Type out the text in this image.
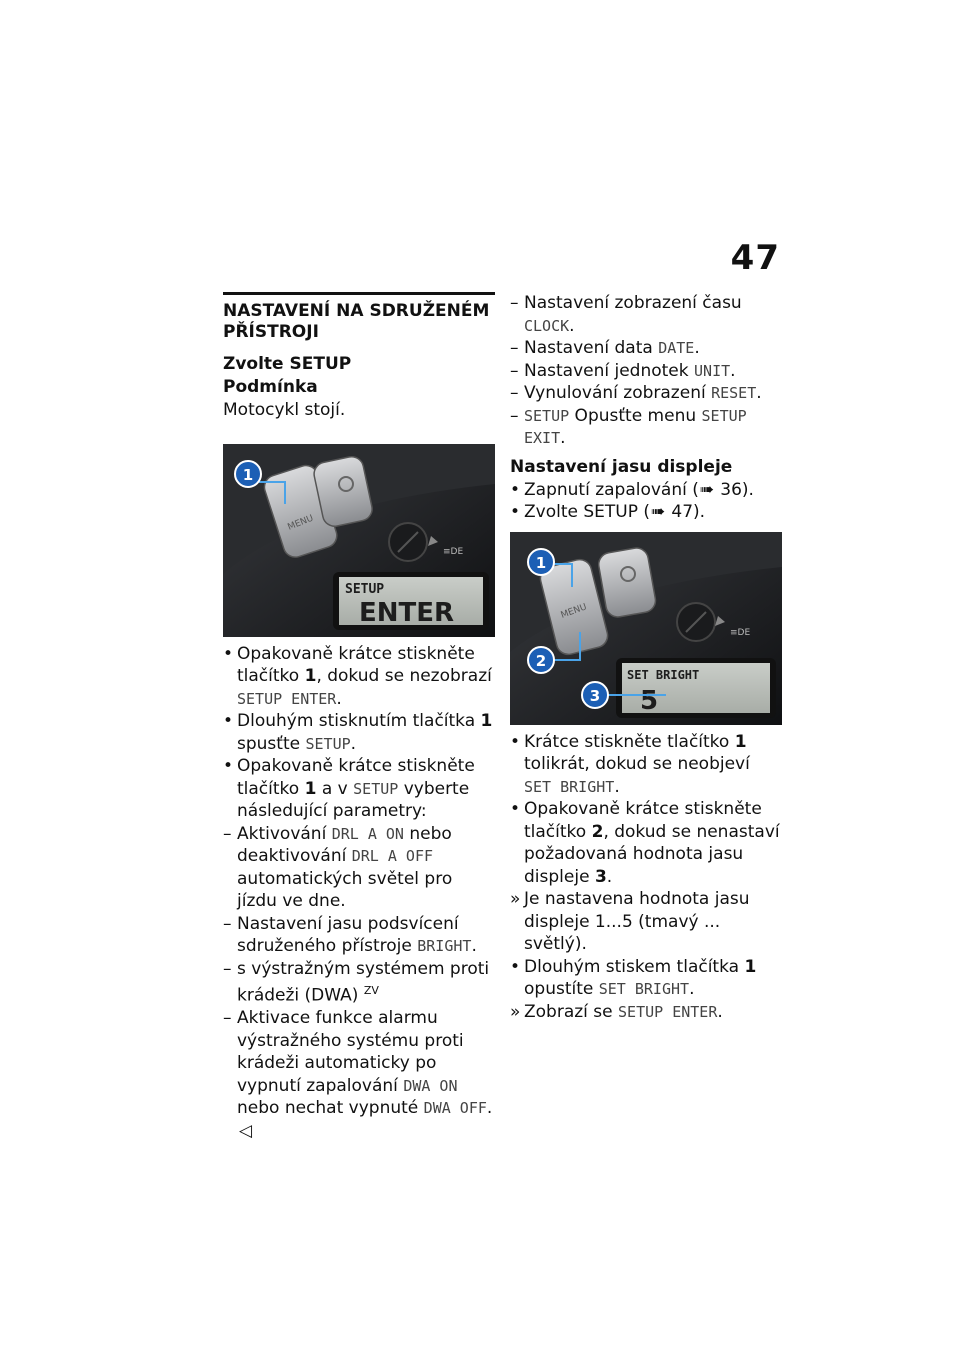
47
NASTAVENÍ NA SDRUŽENÉM PŘÍSTROJI

Zvolte SETUP

Podmínka

Motocykl stojí.

MENU
≡DE
SETUP
ENTER
1
• Opakovaně krátce stiskněte tlačítko 1, dokud se nezobrazí SETUP ENTER.
• Dlouhým stisknutím tlačítka 1 spusťte SETUP.
• Opakovaně krátce stiskněte tlačítko 1 a v SETUP vyberte následující parametry:
– Aktivování DRL A ON nebo deaktivování DRL A OFF automatických světel pro jízdu ve dne.
– Nastavení jasu podsvícení sdruženého přístroje BRIGHT.
– s výstražným systémem proti krádeži (DWA) $^{ZV}$
– Aktivace funkce alarmu výstražného systému proti krádeži automaticky po vypnutí zapalování DWA ON nebo nechat vypnuté DWA OFF.◁
– Nastavení zobrazení času CLOCK.
– Nastavení data DATE.
– Nastavení jednotek UNIT.
– Vynulování zobrazení RESET.
– SETUP Opusťte menu SETUP EXIT.

Nastavení jasu displeje

• Zapnutí zapalování (➠ 36).
• Zvolte SETUP (➠ 47).
MENU
≡DE
SET BRIGHT
5
1
2
3
• Krátce stiskněte tlačítko 1 tolikrát, dokud se neobjeví SET BRIGHT.
• Opakovaně krátce stiskněte tlačítko 2, dokud se nenastaví požadovaná hodnota jasu displeje 3.
» Je nastavena hodnota jasu displeje 1...5 (tmavý ... světlý).
• Dlouhým stiskem tlačítka 1 opustíte SET BRIGHT.
» Zobrazí se SETUP ENTER.
